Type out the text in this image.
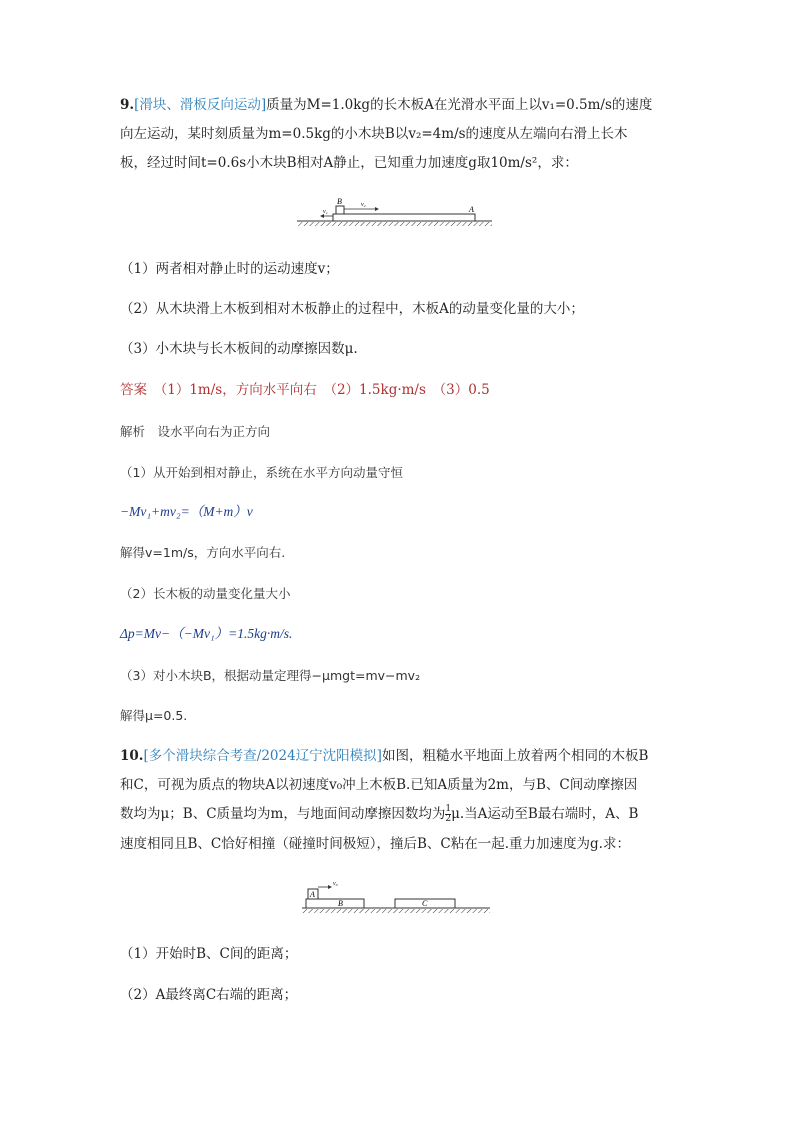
9.[滑块、滑板反向运动]质量为M=1.0kg的长木板A在光滑水平面上以v₁=0.5m/s的速度
向左运动，某时刻质量为m=0.5kg的小木块B以v₂=4m/s的速度从左端向右滑上长木
板，经过时间t=0.6s小木块B相对A静止，已知重力加速度g取10m/s²，求：
B	v₂
v₁	A
（1）两者相对静止时的运动速度v；
（2）从木块滑上木板到相对木板静止的过程中，木板A的动量变化量的大小；
（3）小木块与长木板间的动摩擦因数μ.
答案　 （1）1m/s，方向水平向右　（2）1.5kg·m/s　（3）0.5
解析　 设水平向右为正方向
（1）从开始到相对静止，系统在水平方向动量守恒
−Mv₁+mv₂=（M+m）v
解得v=1m/s，方向水平向右.
（2）长木板的动量变化量大小
Δp=Mv−（−Mv₁）=1.5kg·m/s.
（3）对小木块B，根据动量定理得−μmgt=mv−mv₂
解得μ=0.5.
10.[多个滑块综合考查/2024辽宁沈阳模拟]如图，粗糙水平地面上放着两个相同的木板B
和C，可视为质点的物块A以初速度v₀冲上木板B.已知A质量为2m，与B、C间动摩擦因
数均为μ；B、C质量均为m，与地面间动摩擦因数均为 $\frac{1}{2} \mu$.当A运动至B最右端时，A、B
速度相同且B、C恰好相撞（碰撞时间极短），撞后B、C粘在一起.重力加速度为g.求：
A
v₀
B	C
（1）开始时B、C间的距离；
（2）A最终离C右端的距离；
